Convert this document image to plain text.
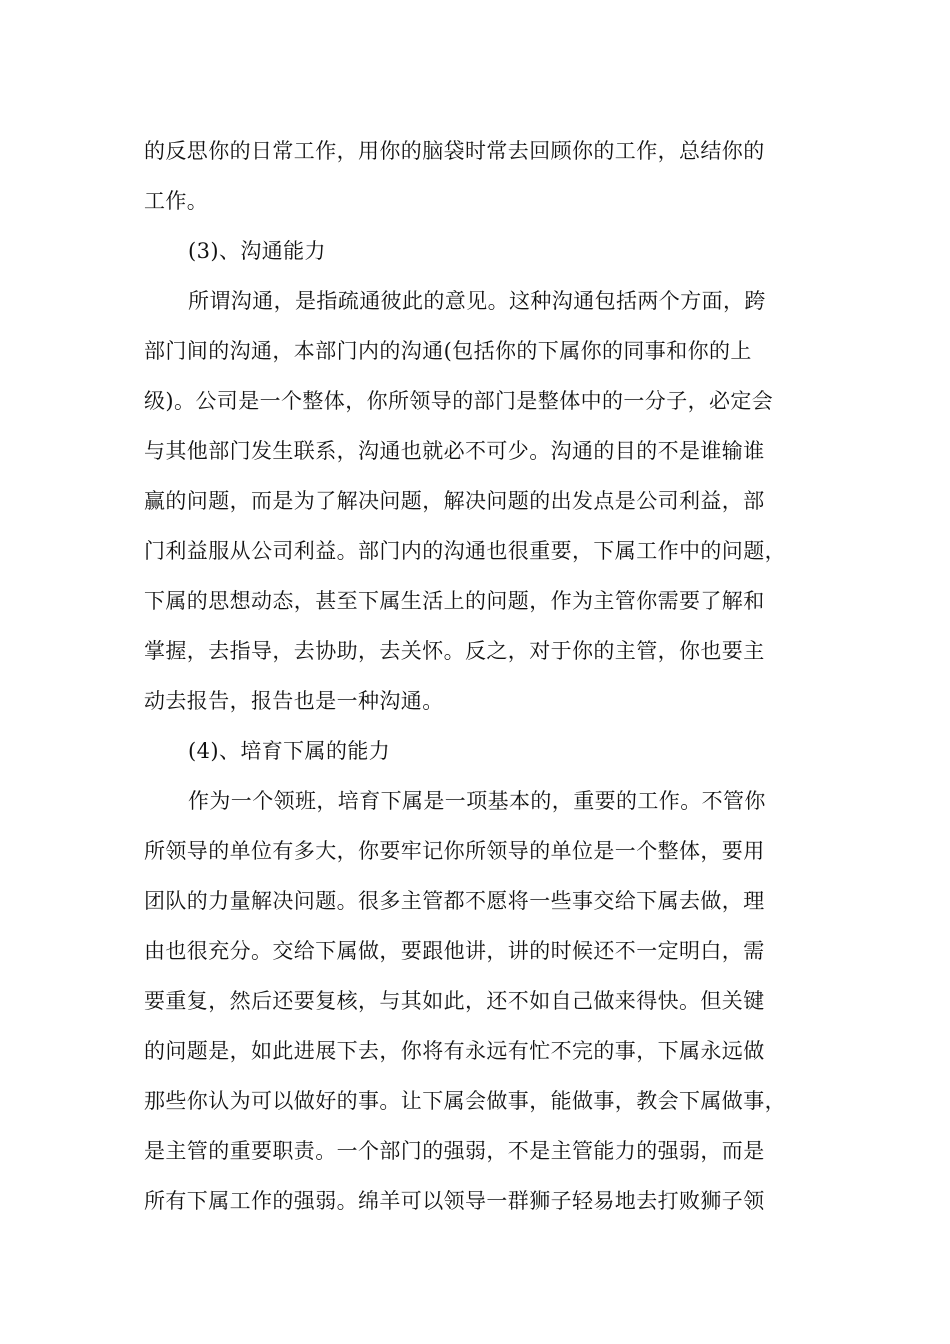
的反思你的日常工作，用你的脑袋时常去回顾你的工作，总结你的
工作。
(3)、沟通能力
所谓沟通，是指疏通彼此的意见。这种沟通包括两个方面，跨
部门间的沟通，本部门内的沟通(包括你的下属你的同事和你的上
级)。公司是一个整体，你所领导的部门是整体中的一分子，必定会
与其他部门发生联系，沟通也就必不可少。沟通的目的不是谁输谁
赢的问题，而是为了解决问题，解决问题的出发点是公司利益，部
门利益服从公司利益。部门内的沟通也很重要，下属工作中的问题，
下属的思想动态，甚至下属生活上的问题，作为主管你需要了解和
掌握，去指导，去协助，去关怀。反之，对于你的主管，你也要主
动去报告，报告也是一种沟通。
(4)、培育下属的能力
作为一个领班，培育下属是一项基本的，重要的工作。不管你
所领导的单位有多大，你要牢记你所领导的单位是一个整体，要用
团队的力量解决问题。很多主管都不愿将一些事交给下属去做，理
由也很充分。交给下属做，要跟他讲，讲的时候还不一定明白，需
要重复，然后还要复核，与其如此，还不如自己做来得快。但关键
的问题是，如此进展下去，你将有永远有忙不完的事，下属永远做
那些你认为可以做好的事。让下属会做事，能做事，教会下属做事，
是主管的重要职责。一个部门的强弱，不是主管能力的强弱，而是
所有下属工作的强弱。绵羊可以领导一群狮子轻易地去打败狮子领
